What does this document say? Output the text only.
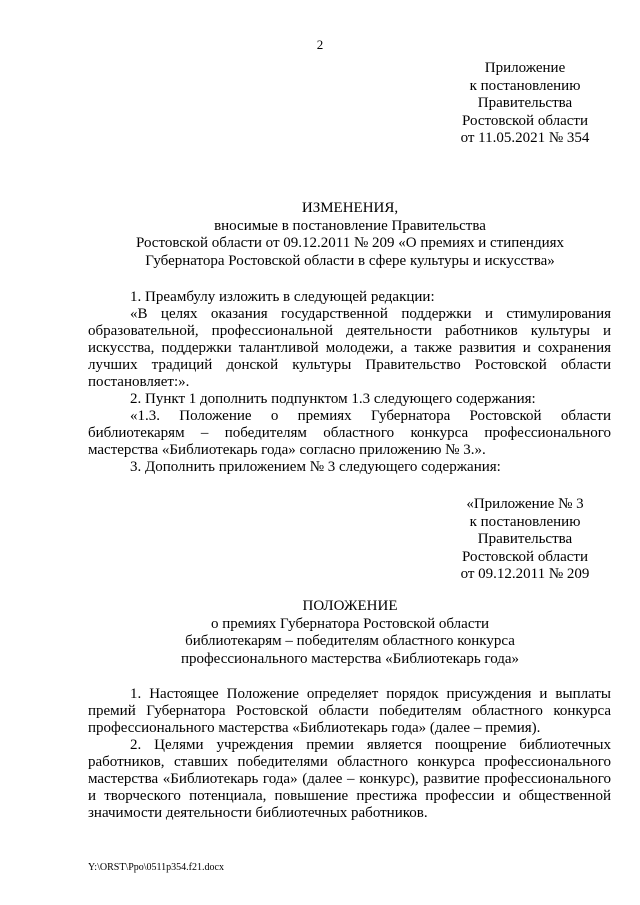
2
Приложение
к постановлению
Правительства
Ростовской области
от 11.05.2021 № 354
ИЗМЕНЕНИЯ,
вносимые в постановление Правительства
Ростовской области от 09.12.2011 № 209 «О премиях и стипендиях
Губернатора Ростовской области в сфере культуры и искусства»

1. Преамбулу изложить в следующей редакции:

«В целях оказания государственной поддержки и стимулирования образовательной, профессиональной деятельности работников культуры и искусства, поддержки талантливой молодежи, а также развития и сохранения лучших традиций донской культуры Правительство Ростовской области постановляет:».

2. Пункт 1 дополнить подпунктом 1.3 следующего содержания:

«1.3. Положение о премиях Губернатора Ростовской области библиотекарям – победителям областного конкурса профессионального мастерства «Библиотекарь года» согласно приложению № 3.».

3. Дополнить приложением № 3 следующего содержания:

«Приложение № 3
к постановлению
Правительства
Ростовской области
от 09.12.2011 № 209
ПОЛОЖЕНИЕ
о премиях Губернатора Ростовской области
библиотекарям – победителям областного конкурса
профессионального мастерства «Библиотекарь года»

1. Настоящее Положение определяет порядок присуждения и выплаты премий Губернатора Ростовской области победителям областного конкурса профессионального мастерства «Библиотекарь года» (далее – премия).

2. Целями учреждения премии является поощрение библиотечных работников, ставших победителями областного конкурса профессионального мастерства «Библиотекарь года» (далее – конкурс), развитие профессионального и творческого потенциала, повышение престижа профессии и общественной значимости деятельности библиотечных работников.

Y:\ORST\Ppo\0511p354.f21.docx
